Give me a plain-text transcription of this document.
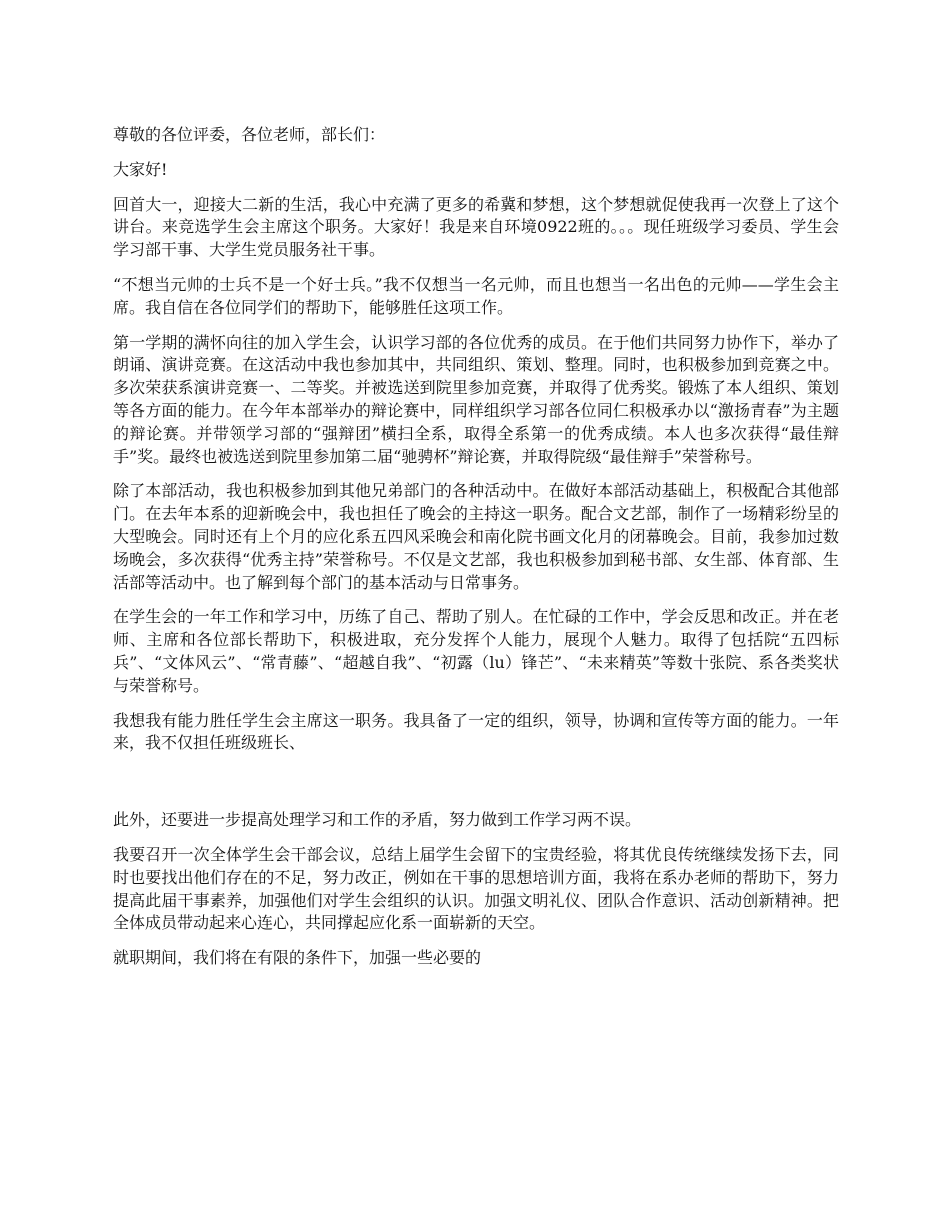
尊敬的各位评委，各位老师，部长们：

大家好!

回首大一，迎接大二新的生活，我心中充满了更多的希冀和梦想，这个梦想就促使我再一次登上了这个讲台。来竞选学生会主席这个职务。大家好！我是来自环境0922班的。。。现任班级学习委员、学生会学习部干事、大学生党员服务社干事。

“不想当元帅的士兵不是一个好士兵。”我不仅想当一名元帅，而且也想当一名出色的元帅——学生会主席。我自信在各位同学们的帮助下，能够胜任这项工作。

第一学期的满怀向往的加入学生会，认识学习部的各位优秀的成员。在于他们共同努力协作下，举办了朗诵、演讲竞赛。在这活动中我也参加其中，共同组织、策划、整理。同时，也积极参加到竞赛之中。多次荣获系演讲竞赛一、二等奖。并被选送到院里参加竞赛，并取得了优秀奖。锻炼了本人组织、策划等各方面的能力。在今年本部举办的辩论赛中，同样组织学习部各位同仁积极承办以“激扬青春”为主题的辩论赛。并带领学习部的“强辩团”横扫全系，取得全系第一的优秀成绩。本人也多次获得“最佳辩手”奖。最终也被选送到院里参加第二届“驰骋杯”辩论赛，并取得院级“最佳辩手”荣誉称号。

除了本部活动，我也积极参加到其他兄弟部门的各种活动中。在做好本部活动基础上，积极配合其他部门。在去年本系的迎新晚会中，我也担任了晚会的主持这一职务。配合文艺部，制作了一场精彩纷呈的大型晚会。同时还有上个月的应化系五四风采晚会和南化院书画文化月的闭幕晚会。目前，我参加过数场晚会，多次获得“优秀主持”荣誉称号。不仅是文艺部，我也积极参加到秘书部、女生部、体育部、生活部等活动中。也了解到每个部门的基本活动与日常事务。

在学生会的一年工作和学习中，历练了自己、帮助了别人。在忙碌的工作中，学会反思和改正。并在老师、主席和各位部长帮助下，积极进取，充分发挥个人能力，展现个人魅力。取得了包括院“五四标兵”、“文体风云”、“常青藤”、“超越自我”、“初露（lu）锋芒”、“未来精英”等数十张院、系各类奖状与荣誉称号。

我想我有能力胜任学生会主席这一职务。我具备了一定的组织，领导，协调和宣传等方面的能力。一年来，我不仅担任班级班长、

此外，还要进一步提高处理学习和工作的矛盾，努力做到工作学习两不误。

我要召开一次全体学生会干部会议，总结上届学生会留下的宝贵经验，将其优良传统继续发扬下去，同时也要找出他们存在的不足，努力改正，例如在干事的思想培训方面，我将在系办老师的帮助下，努力提高此届干事素养，加强他们对学生会组织的认识。加强文明礼仪、团队合作意识、活动创新精神。把全体成员带动起来心连心，共同撑起应化系一面崭新的天空。

就职期间，我们将在有限的条件下，加强一些必要的
